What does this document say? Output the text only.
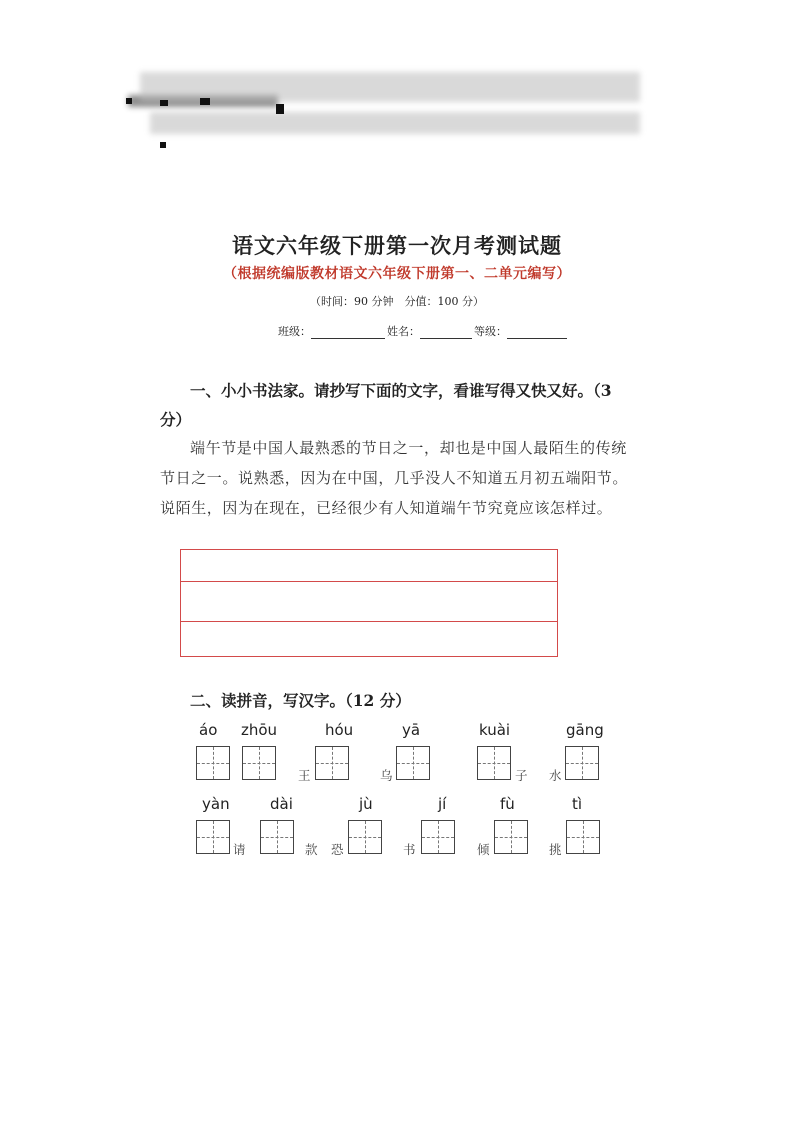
语文六年级下册第一次月考测试题
（根据统编版教材语文六年级下册第一、二单元编写）
（时间：90 分钟　分值：100 分）
班级：	姓名：	等级：
一、小小书法家。请抄写下面的文字，看谁写得又快又好。（3 分）
端午节是中国人最熟悉的节日之一，却也是中国人最陌生的传统节日之一。说熟悉，因为在中国，几乎没人不知道五月初五端阳节。说陌生，因为在现在，已经很少有人知道端午节究竟应该怎样过。
二、读拼音，写汉字。（12 分）
áo zhōu	hóu	yā	kuài	gāng
王	乌	子 水
yàn	dài	jù	jí	fù	tì
请	款 恐	书	倾	挑
